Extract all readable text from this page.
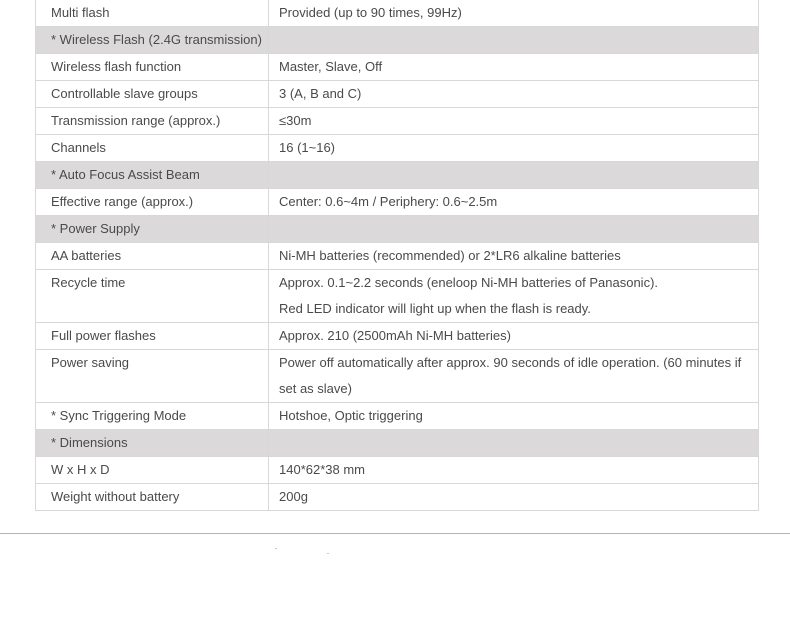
Multi flash	Provided (up to 90 times, 99Hz)

* Wireless Flash (2.4G transmission)	
Wireless flash function	Master, Slave, Off

Controllable slave groups	3 (A, B and C)

Transmission range (approx.)	≤30m

Channels	16 (1~16)

* Auto Focus Assist Beam	
Effective range (approx.)	Center: 0.6~4m / Periphery: 0.6~2.5m

* Power Supply	
AA batteries	Ni-MH batteries (recommended) or 2*LR6 alkaline batteries

Recycle time	Approx. 0.1~2.2 seconds (eneloop Ni-MH batteries of Panasonic).
Red LED indicator will light up when the flash is ready.

Full power flashes	Approx. 210 (2500mAh Ni-MH batteries)

Power saving	Power off automatically after approx. 90 seconds of idle operation. (60 minutes if
set as slave)

* Sync Triggering Mode	Hotshoe, Optic triggering

* Dimensions	
W x H x D	140*62*38 mm

Weight without battery	200g
